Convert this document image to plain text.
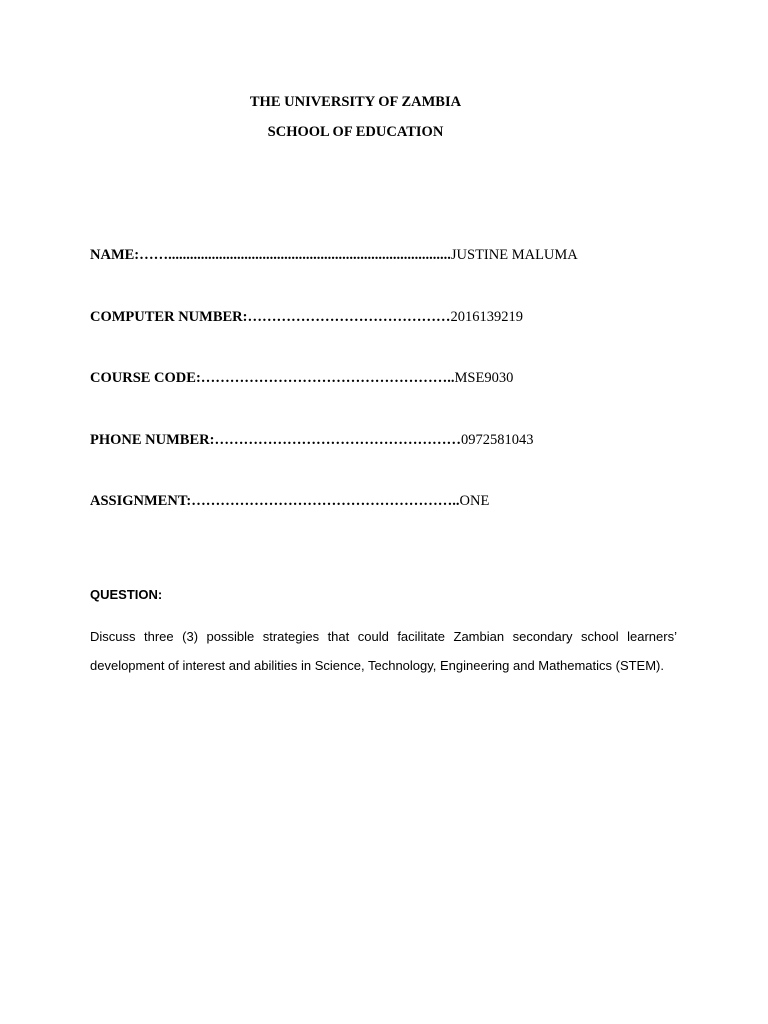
THE UNIVERSITY OF ZAMBIA
SCHOOL OF EDUCATION
NAME:……..............................................................................JUSTINE MALUMA
COMPUTER NUMBER:……………………………………2016139219
COURSE CODE:……………………………………………..MSE9030
PHONE NUMBER:……………………………………………0972581043
ASSIGNMENT:………………………………………………..ONE
QUESTION:
Discuss three (3) possible strategies that could facilitate Zambian secondary school learners’ development of interest and abilities in Science, Technology, Engineering and Mathematics (STEM).
